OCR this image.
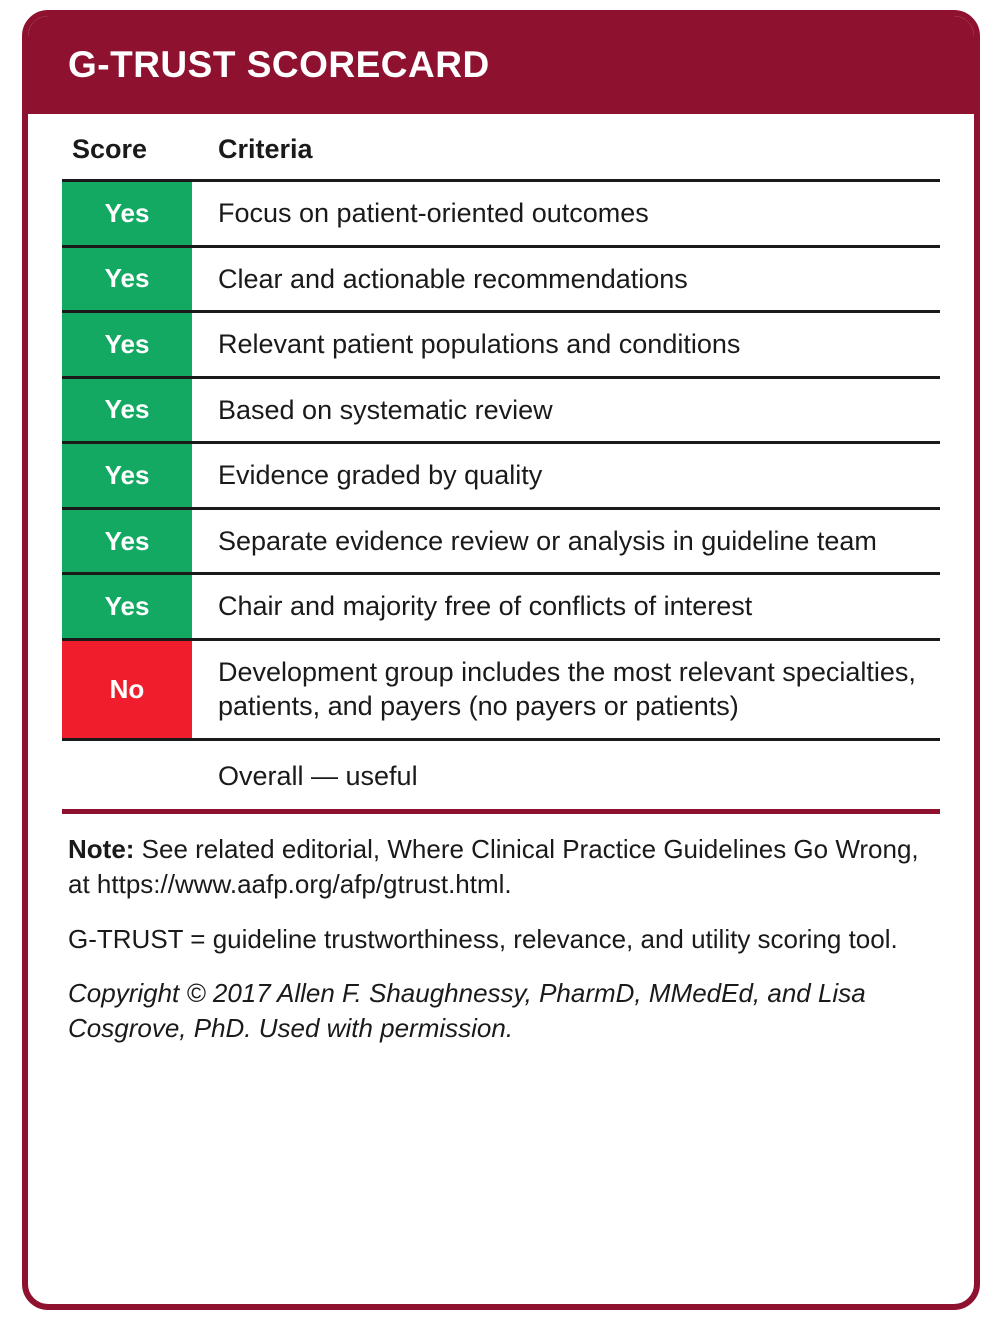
G-TRUST SCORECARD
Score	Criteria
Yes	Focus on patient-oriented outcomes
Yes	Clear and actionable recommendations
Yes	Relevant patient populations and conditions
Yes	Based on systematic review
Yes	Evidence graded by quality
Yes	Separate evidence review or analysis in guideline team
Yes	Chair and majority free of conflicts of interest
No	Development group includes the most relevant specialties, patients, and payers (no payers or patients)
	Overall — useful

Note: See related editorial, Where Clinical Practice Guidelines Go Wrong, at https://www.aafp.org/afp/gtrust.html.

G-TRUST = guideline trustworthiness, relevance, and utility scoring tool.

Copyright © 2017 Allen F. Shaughnessy, PharmD, MMedEd, and Lisa Cosgrove, PhD. Used with permission.
